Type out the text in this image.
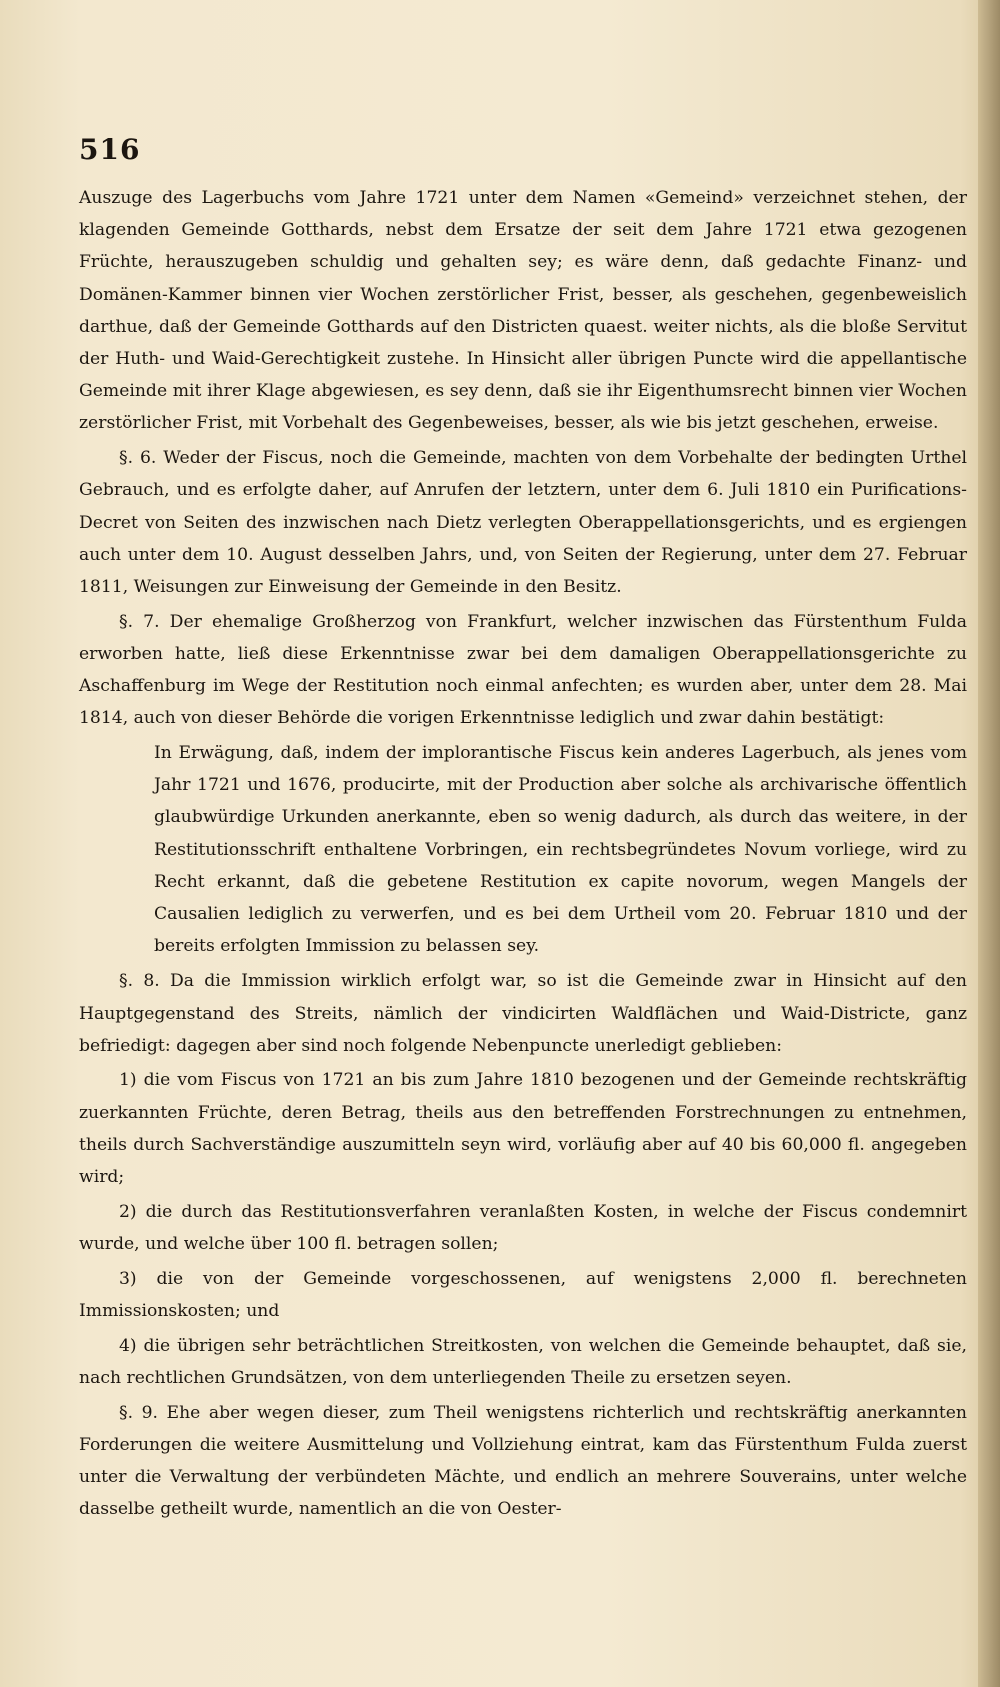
516

Auszuge des Lagerbuchs vom Jahre 1721 unter dem Namen «Gemeind» verzeichnet stehen, der klagenden Gemeinde Gotthards, nebst dem Ersatze der seit dem Jahre 1721 etwa gezogenen Früchte, herauszugeben schuldig und gehalten sey; es wäre denn, daß gedachte Finanz- und Domänen-Kammer binnen vier Wochen zerstörlicher Frist, besser, als geschehen, gegenbeweislich darthue, daß der Gemeinde Gotthards auf den Districten quaest. weiter nichts, als die bloße Servitut der Huth- und Waid-Gerechtigkeit zustehe. In Hinsicht aller übrigen Puncte wird die appellantische Gemeinde mit ihrer Klage abgewiesen, es sey denn, daß sie ihr Eigenthumsrecht binnen vier Wochen zerstörlicher Frist, mit Vorbehalt des Gegenbeweises, besser, als wie bis jetzt geschehen, erweise.

§. 6. Weder der Fiscus, noch die Gemeinde, machten von dem Vorbehalte der bedingten Urthel Gebrauch, und es erfolgte daher, auf Anrufen der letztern, unter dem 6. Juli 1810 ein Purifications-Decret von Seiten des inzwischen nach Dietz verlegten Oberappellationsgerichts, und es ergiengen auch unter dem 10. August desselben Jahrs, und, von Seiten der Regierung, unter dem 27. Februar 1811, Weisungen zur Einweisung der Gemeinde in den Besitz.

§. 7. Der ehemalige Großherzog von Frankfurt, welcher inzwischen das Fürstenthum Fulda erworben hatte, ließ diese Erkenntnisse zwar bei dem damaligen Oberappellationsgerichte zu Aschaffenburg im Wege der Restitution noch einmal anfechten; es wurden aber, unter dem 28. Mai 1814, auch von dieser Behörde die vorigen Erkenntnisse lediglich und zwar dahin bestätigt:

In Erwägung, daß, indem der implorantische Fiscus kein anderes Lagerbuch, als jenes vom Jahr 1721 und 1676, producirte, mit der Production aber solche als archivarische öffentlich glaubwürdige Urkunden anerkannte, eben so wenig dadurch, als durch das weitere, in der Restitutionsschrift enthaltene Vorbringen, ein rechtsbegründetes Novum vorliege, wird zu Recht erkannt, daß die gebetene Restitution ex capite novorum, wegen Mangels der Causalien lediglich zu verwerfen, und es bei dem Urtheil vom 20. Februar 1810 und der bereits erfolgten Immission zu belassen sey.

§. 8. Da die Immission wirklich erfolgt war, so ist die Gemeinde zwar in Hinsicht auf den Hauptgegenstand des Streits, nämlich der vindicirten Waldflächen und Waid-Districte, ganz befriedigt: dagegen aber sind noch folgende Nebenpuncte unerledigt geblieben:

1) die vom Fiscus von 1721 an bis zum Jahre 1810 bezogenen und der Gemeinde rechtskräftig zuerkannten Früchte, deren Betrag, theils aus den betreffenden Forstrechnungen zu entnehmen, theils durch Sachverständige auszumitteln seyn wird, vorläufig aber auf 40 bis 60,000 fl. angegeben wird;

2) die durch das Restitutionsverfahren veranlaßten Kosten, in welche der Fiscus condemnirt wurde, und welche über 100 fl. betragen sollen;

3) die von der Gemeinde vorgeschossenen, auf wenigstens 2,000 fl. berechneten Immissionskosten; und

4) die übrigen sehr beträchtlichen Streitkosten, von welchen die Gemeinde behauptet, daß sie, nach rechtlichen Grundsätzen, von dem unterliegenden Theile zu ersetzen seyen.

§. 9. Ehe aber wegen dieser, zum Theil wenigstens richterlich und rechtskräftig anerkannten Forderungen die weitere Ausmittelung und Vollziehung eintrat, kam das Fürstenthum Fulda zuerst unter die Verwaltung der verbündeten Mächte, und endlich an mehrere Souverains, unter welche dasselbe getheilt wurde, namentlich an die von Oester-
